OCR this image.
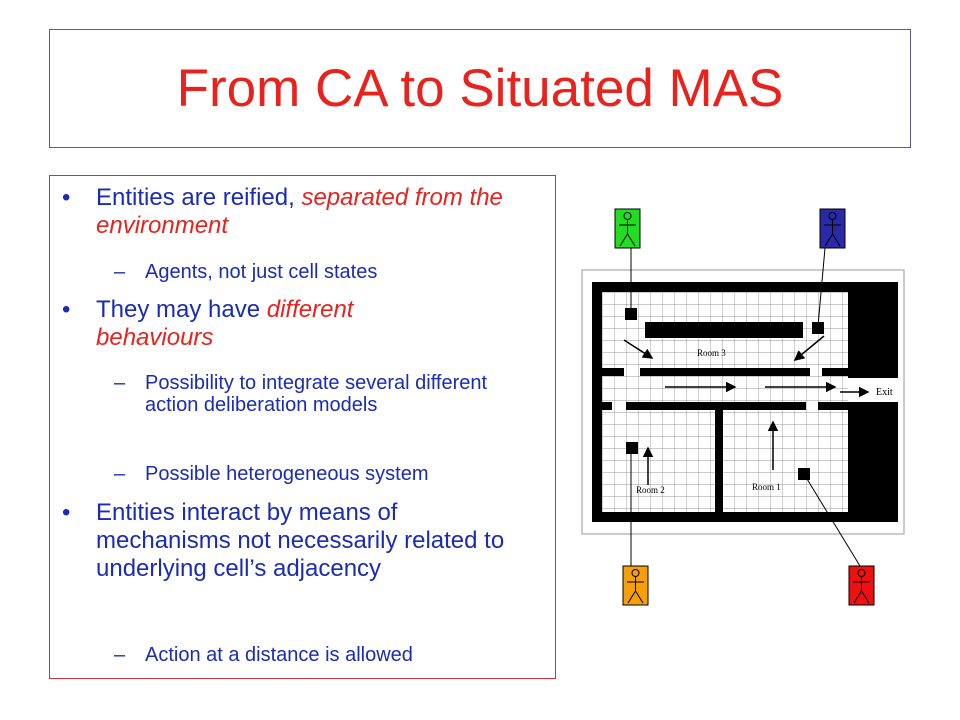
From CA to Situated MAS
• Entities are reified, separated from the environment
– Agents, not just cell states
• They may have different behaviours
– Possibility to integrate several different action deliberation models
– Possible heterogeneous system
• Entities interact by means of mechanisms not necessarily related to underlying cell’s adjacency
– Action at a distance is allowed
Room 3
Room 2	Room 1
Exit
